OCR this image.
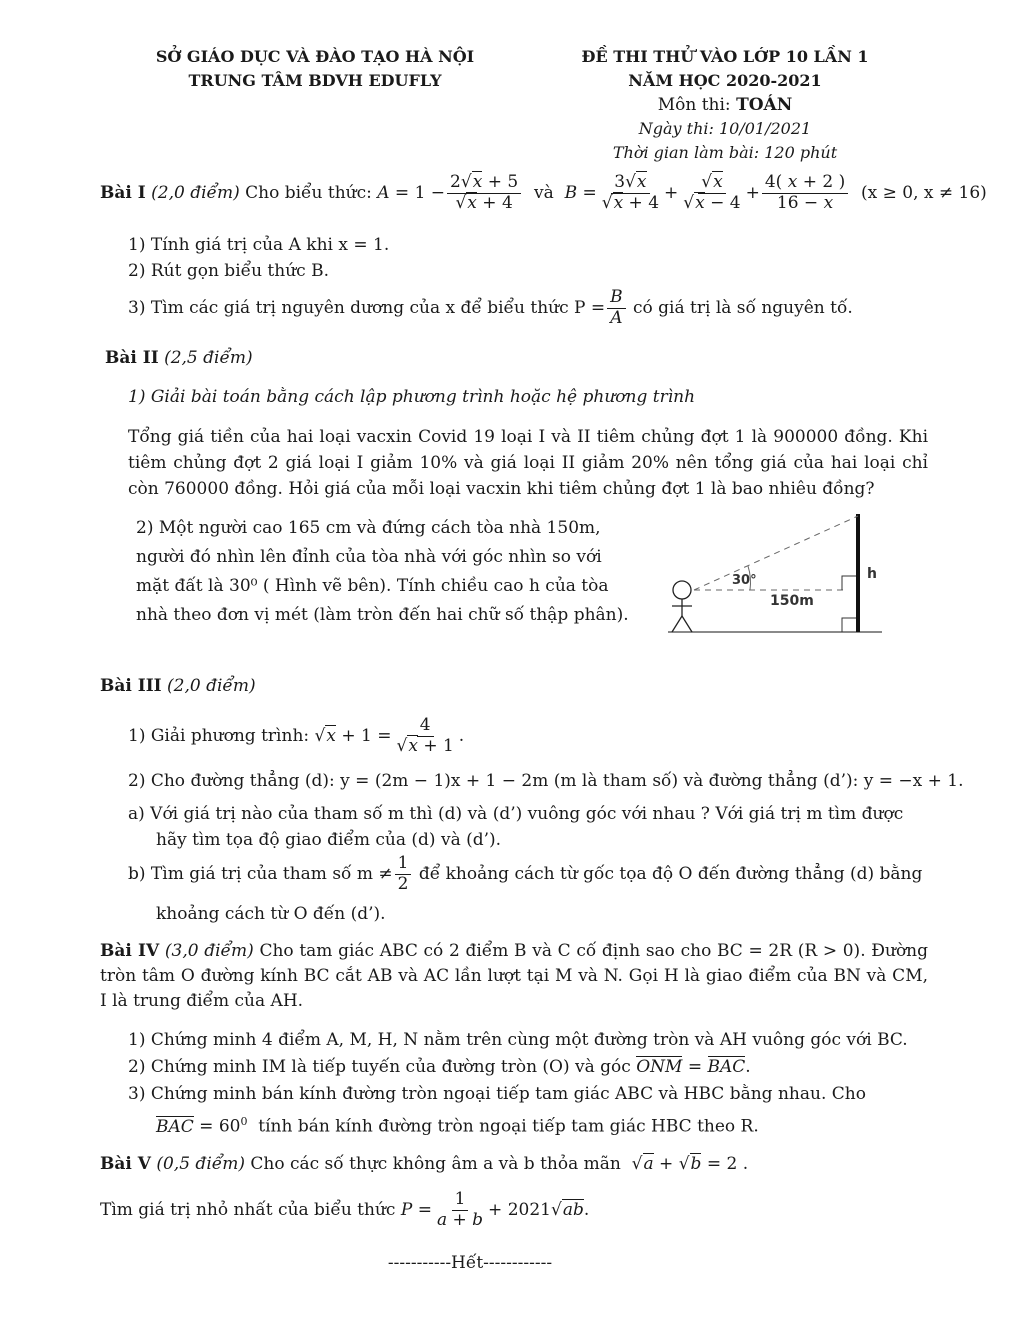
SỞ GIÁO DỤC VÀ ĐÀO TẠO HÀ NỘI
TRUNG TÂM BDVH EDUFLY
ĐỀ THI THỬ VÀO LỚP 10 LẦN 1
NĂM HỌC 2020-2021
Môn thi: TOÁN
Ngày thi: 10/01/2021
Thời gian làm bài: 120 phút
Bài I
(2,0 điểm)
Cho biểu thức:
$A = 1 - \frac{2√x + 5}{√x + 4}$
và
$B = \frac{3√x}{√x + 4} + \frac{√x}{√x - 4} + \frac{4( x + 2 )}{16 - x}$
(x ≥ 0, x ≠ 16)
1) Tính giá trị của A khi x = 1.
2) Rút gọn biểu thức B.
3) Tìm các giá trị nguyên dương của x để biểu thức $P = \frac{B}{A}$
có giá trị là số nguyên tố.
Bài II (2,5 điểm)
1) Giải bài toán bằng cách lập phương trình hoặc hệ phương trình
Tổng giá tiền của hai loại vacxin Covid 19 loại I và II tiêm chủng đợt 1 là 900000 đồng. Khi tiêm chủng đợt 2 giá loại I giảm 10% và giá loại II giảm 20% nên tổng giá của hai loại chỉ còn 760000 đồng. Hỏi giá của mỗi loại vacxin khi tiêm chủng đợt 1 là bao nhiêu đồng?
2) Một người cao 165 cm và đứng cách tòa nhà 150m,
người đó nhìn lên đỉnh của tòa nhà với góc nhìn so với
mặt đất là 30⁰ ( Hình vẽ bên). Tính chiều cao h của tòa
nhà theo đơn vị mét (làm tròn đến hai chữ số thập phân).
30°
150m
h
Bài III (2,0 điểm)
1) Giải phương trình:
$√x + 1 = \frac{4}{√x + 1}$ .
2) Cho đường thẳng (d): y = (2m − 1)x + 1 − 2m (m là tham số) và đường thẳng (d’): y = −x + 1.
a) Với giá trị nào của tham số m thì (d) và (d’) vuông góc với nhau ? Với giá trị m tìm được
hãy tìm tọa độ giao điểm của (d) và (d’).
b) Tìm giá trị của tham số $m \ne \frac{1}{2}$
để khoảng cách từ gốc tọa độ O đến đường thẳng (d) bằng
khoảng cách từ O đến (d’).
Bài IV (3,0 điểm) Cho tam giác ABC có 2 điểm B và C cố định sao cho BC = 2R (R > 0). Đường tròn tâm O đường kính BC cắt AB và AC lần lượt tại M và N. Gọi H là giao điểm của BN và CM, I là trung điểm của AH.
1) Chứng minh 4 điểm A, M, H, N nằm trên cùng một đường tròn và AH vuông góc với BC.
2) Chứng minh IM là tiếp tuyến của đường tròn (O) và góc ONM = BAC.
3) Chứng minh bán kính đường tròn ngoại tiếp tam giác ABC và HBC bằng nhau. Cho
BAC = $60^0$ tính bán kính đường tròn ngoại tiếp tam giác HBC theo R.
Bài V (0,5 điểm) Cho các số thực không âm a và b thỏa mãn √a + √b = 2 .
Tìm giá trị nhỏ nhất của biểu thức
$P = \frac{1}{a + b} + 2021$ √ab .
-----------Hết------------
